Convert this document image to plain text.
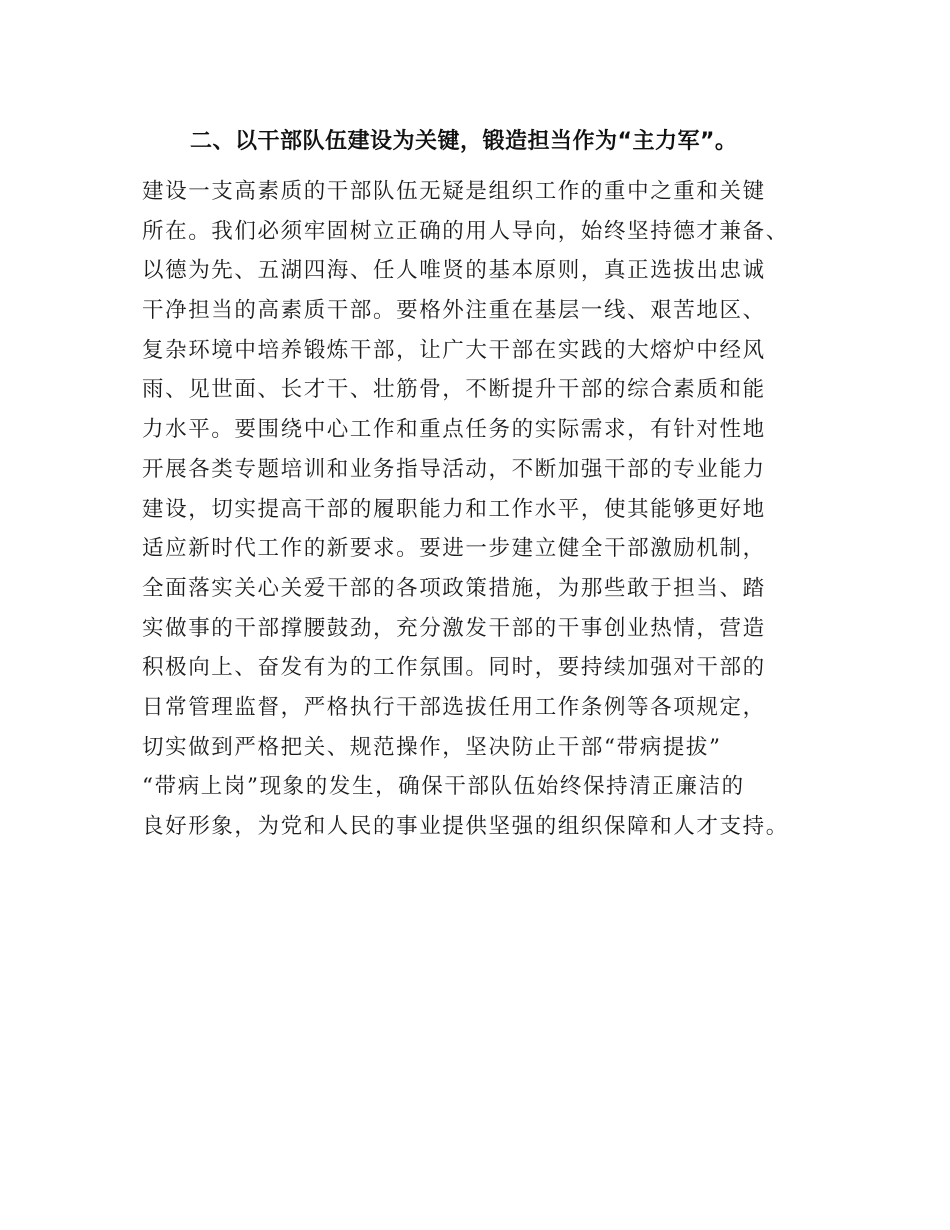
二、以干部队伍建设为关键，锻造担当作为“主力军”。
建设一支高素质的干部队伍无疑是组织工作的重中之重和关键
所在。我们必须牢固树立正确的用人导向，始终坚持德才兼备、
以德为先、五湖四海、任人唯贤的基本原则，真正选拔出忠诚
干净担当的高素质干部。要格外注重在基层一线、艰苦地区、
复杂环境中培养锻炼干部，让广大干部在实践的大熔炉中经风
雨、见世面、长才干、壮筋骨，不断提升干部的综合素质和能
力水平。要围绕中心工作和重点任务的实际需求，有针对性地
开展各类专题培训和业务指导活动，不断加强干部的专业能力
建设，切实提高干部的履职能力和工作水平，使其能够更好地
适应新时代工作的新要求。要进一步建立健全干部激励机制，
全面落实关心关爱干部的各项政策措施，为那些敢于担当、踏
实做事的干部撑腰鼓劲，充分激发干部的干事创业热情，营造
积极向上、奋发有为的工作氛围。同时，要持续加强对干部的
日常管理监督，严格执行干部选拔任用工作条例等各项规定，
切实做到严格把关、规范操作，坚决防止干部“带病提拔”
“带病上岗”现象的发生，确保干部队伍始终保持清正廉洁的
良好形象，为党和人民的事业提供坚强的组织保障和人才支持。
